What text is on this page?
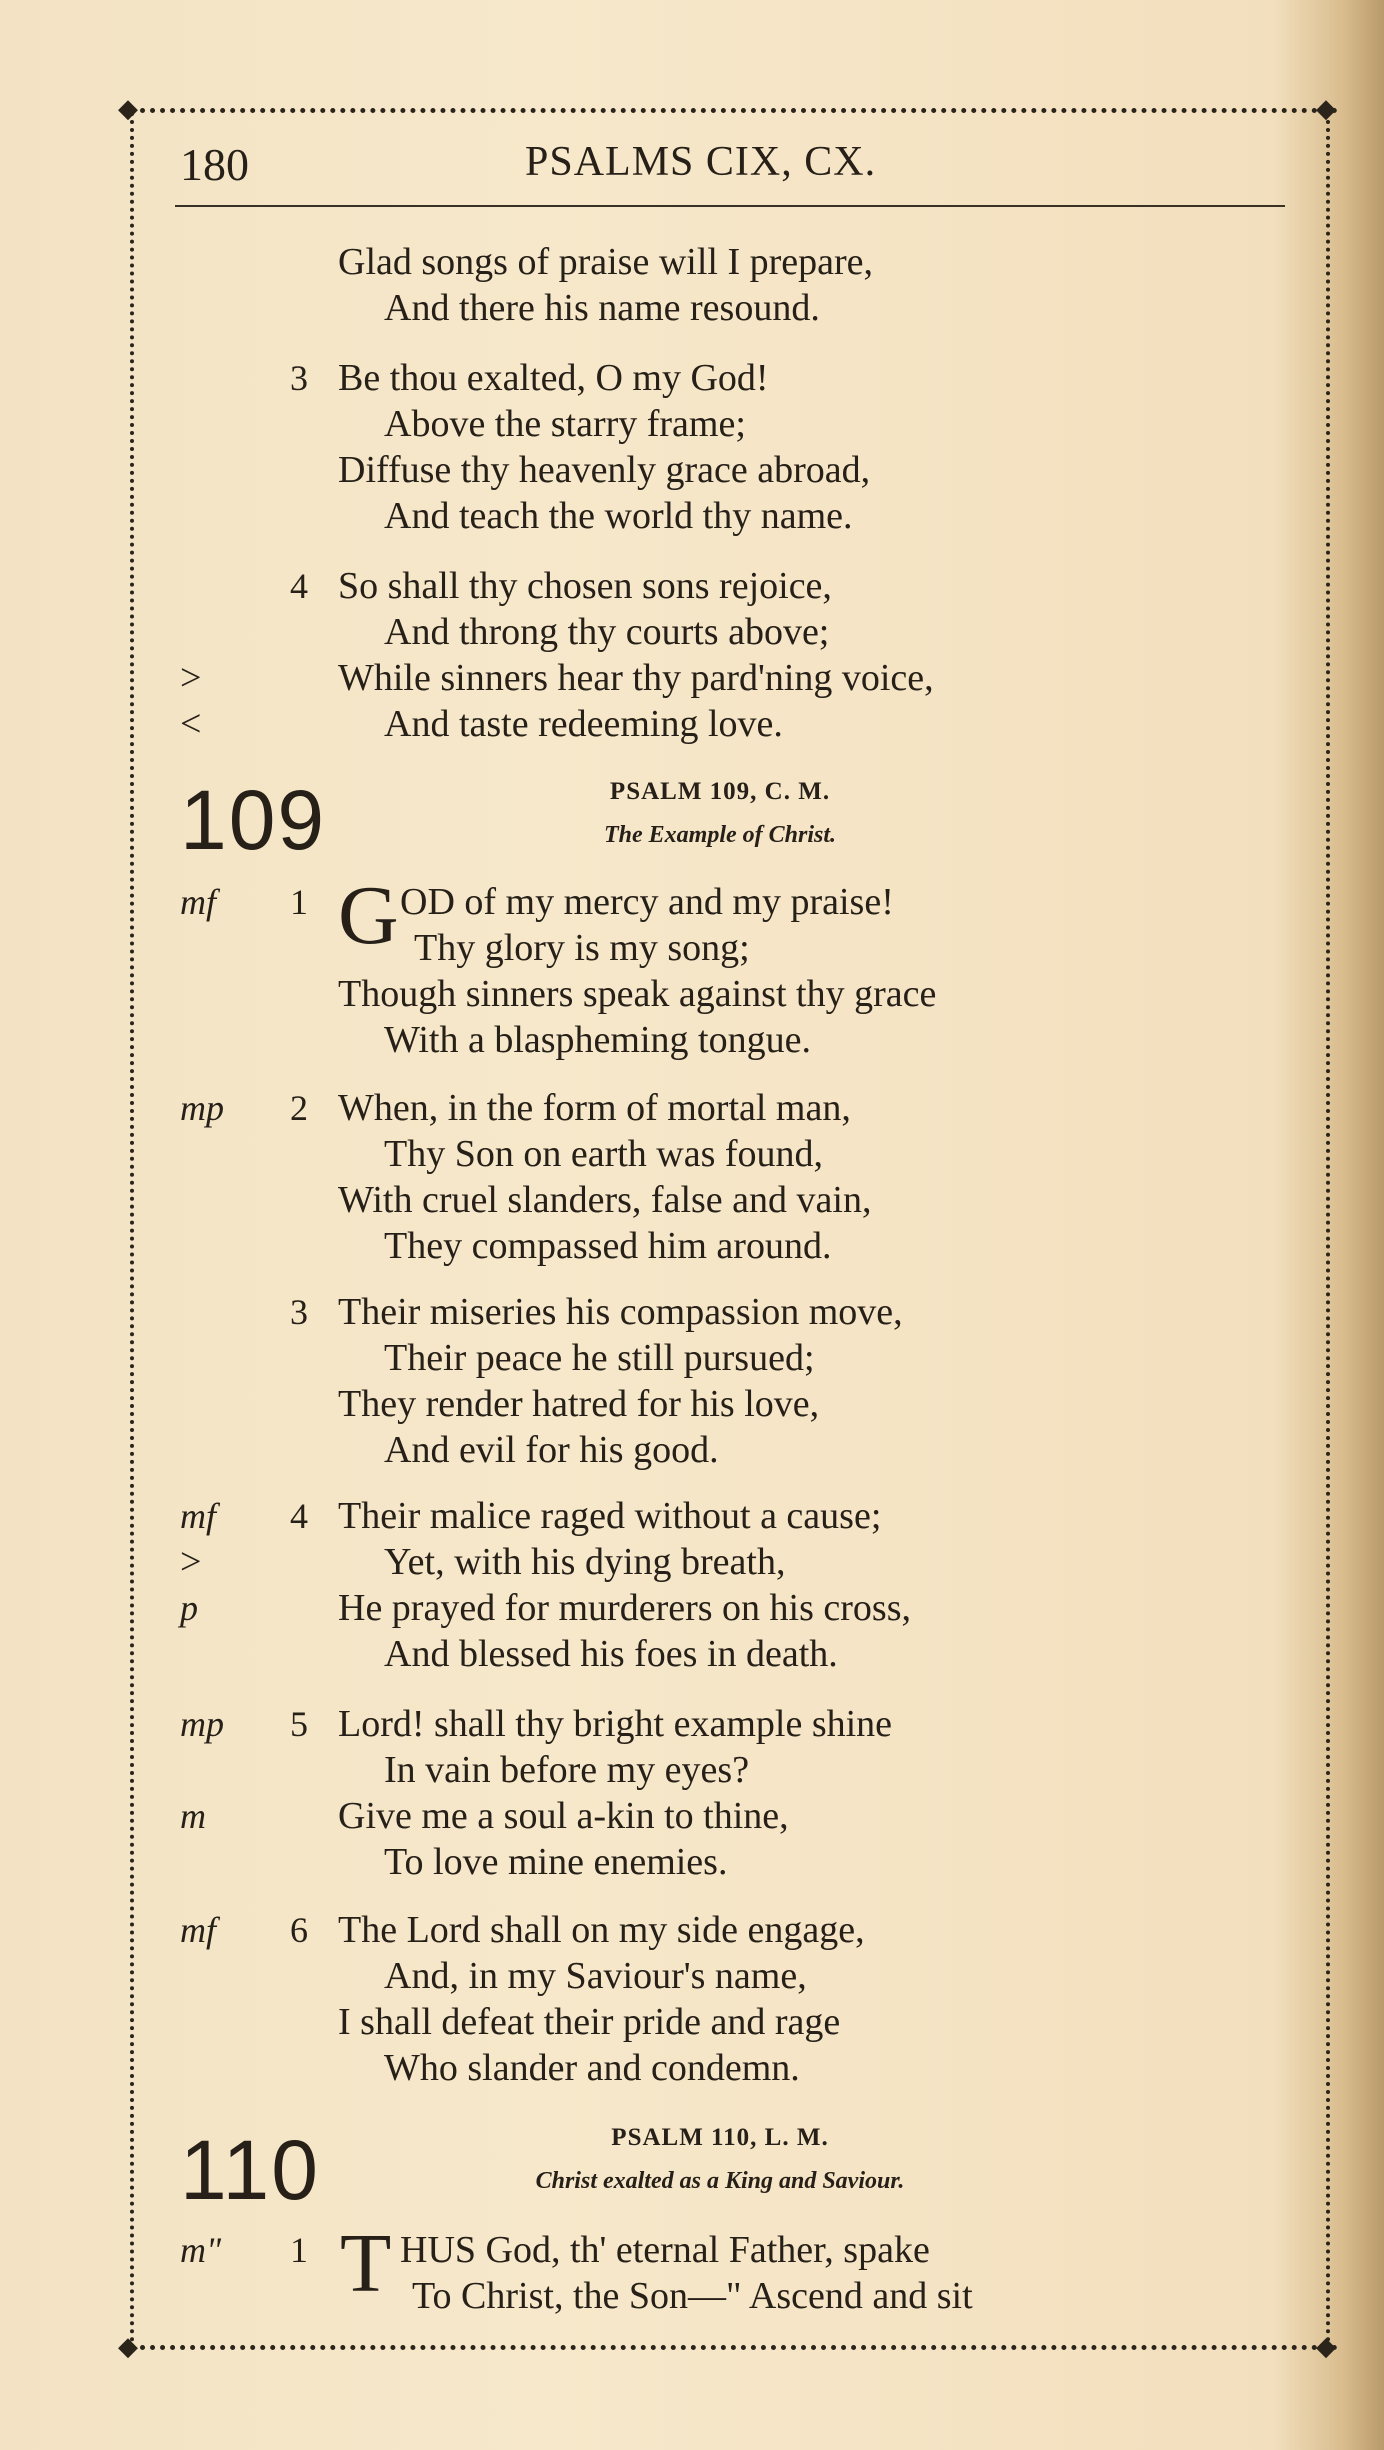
◆	◆
◆	◆
180	PSALMS CIX, CX.
Glad songs of praise will I prepare,
And there his name resound.
3 Be thou exalted, O my God!
Above the starry frame;
Diffuse thy heavenly grace abroad,
And teach the world thy name.
4 So shall thy chosen sons rejoice,
And throng thy courts above;
>	While sinners hear thy pard'ning voice,
<	And taste redeeming love.
109	PSALM 109, C. M.
The Example of Christ.
mf 1 G OD of my mercy and my praise!
Thy glory is my song;
Though sinners speak against thy grace
With a blaspheming tongue.
mp 2 When, in the form of mortal man,
Thy Son on earth was found,
With cruel slanders, false and vain,
They compassed him around.
3 Their miseries his compassion move,
Their peace he still pursued;
They render hatred for his love,
And evil for his good.
mf 4 Their malice raged without a cause;
>	Yet, with his dying breath,
p	He prayed for murderers on his cross,
And blessed his foes in death.
mp 5 Lord! shall thy bright example shine
In vain before my eyes?
m	Give me a soul a-kin to thine,
To love mine enemies.
mf 6 The Lord shall on my side engage,
And, in my Saviour's name,
I shall defeat their pride and rage
Who slander and condemn.
110	PSALM 110, L. M.
Christ exalted as a King and Saviour.
m" 1 T HUS God, th' eternal Father, spake
To Christ, the Son—" Ascend and sit
